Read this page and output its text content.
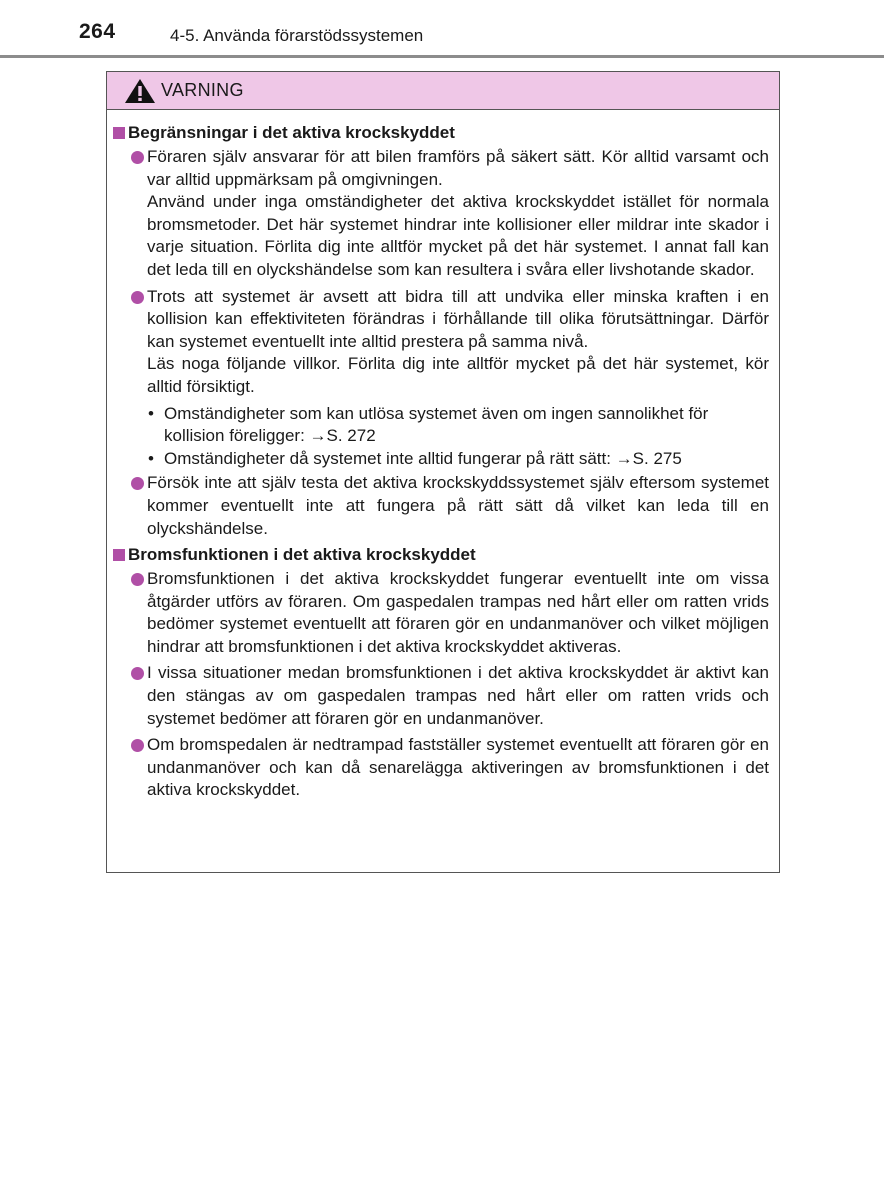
264	4-5. Använda förarstödssystemen
VARNING
Begränsningar i det aktiva krockskyddet
Föraren själv ansvarar för att bilen framförs på säkert sätt. Kör alltid varsamt och var alltid uppmärksam på omgivningen.
Använd under inga omständigheter det aktiva krockskyddet istället för normala bromsmetoder. Det här systemet hindrar inte kollisioner eller mildrar inte skador i varje situation. Förlita dig inte alltför mycket på det här systemet. I annat fall kan det leda till en olyckshändelse som kan resultera i svåra eller livshotande skador.
Trots att systemet är avsett att bidra till att undvika eller minska kraften i en kollision kan effektiviteten förändras i förhållande till olika förutsättningar. Därför kan systemet eventuellt inte alltid prestera på samma nivå.
Läs noga följande villkor. Förlita dig inte alltför mycket på det här systemet, kör alltid försiktigt.
• Omständigheter som kan utlösa systemet även om ingen sannolikhet för kollision föreligger: →S. 272
• Omständigheter då systemet inte alltid fungerar på rätt sätt: →S. 275
Försök inte att själv testa det aktiva krockskyddssystemet själv eftersom systemet kommer eventuellt inte att fungera på rätt sätt då vilket kan leda till en olyckshändelse.
Bromsfunktionen i det aktiva krockskyddet
Bromsfunktionen i det aktiva krockskyddet fungerar eventuellt inte om vissa åtgärder utförs av föraren. Om gaspedalen trampas ned hårt eller om ratten vrids bedömer systemet eventuellt att föraren gör en undanmanöver och vilket möjligen hindrar att bromsfunktionen i det aktiva krockskyddet aktiveras.
I vissa situationer medan bromsfunktionen i det aktiva krockskyddet är aktivt kan den stängas av om gaspedalen trampas ned hårt eller om ratten vrids och systemet bedömer att föraren gör en undanmanöver.
Om bromspedalen är nedtrampad fastställer systemet eventuellt att föraren gör en undanmanöver och kan då senarelägga aktiveringen av bromsfunktionen i det aktiva krockskyddet.
